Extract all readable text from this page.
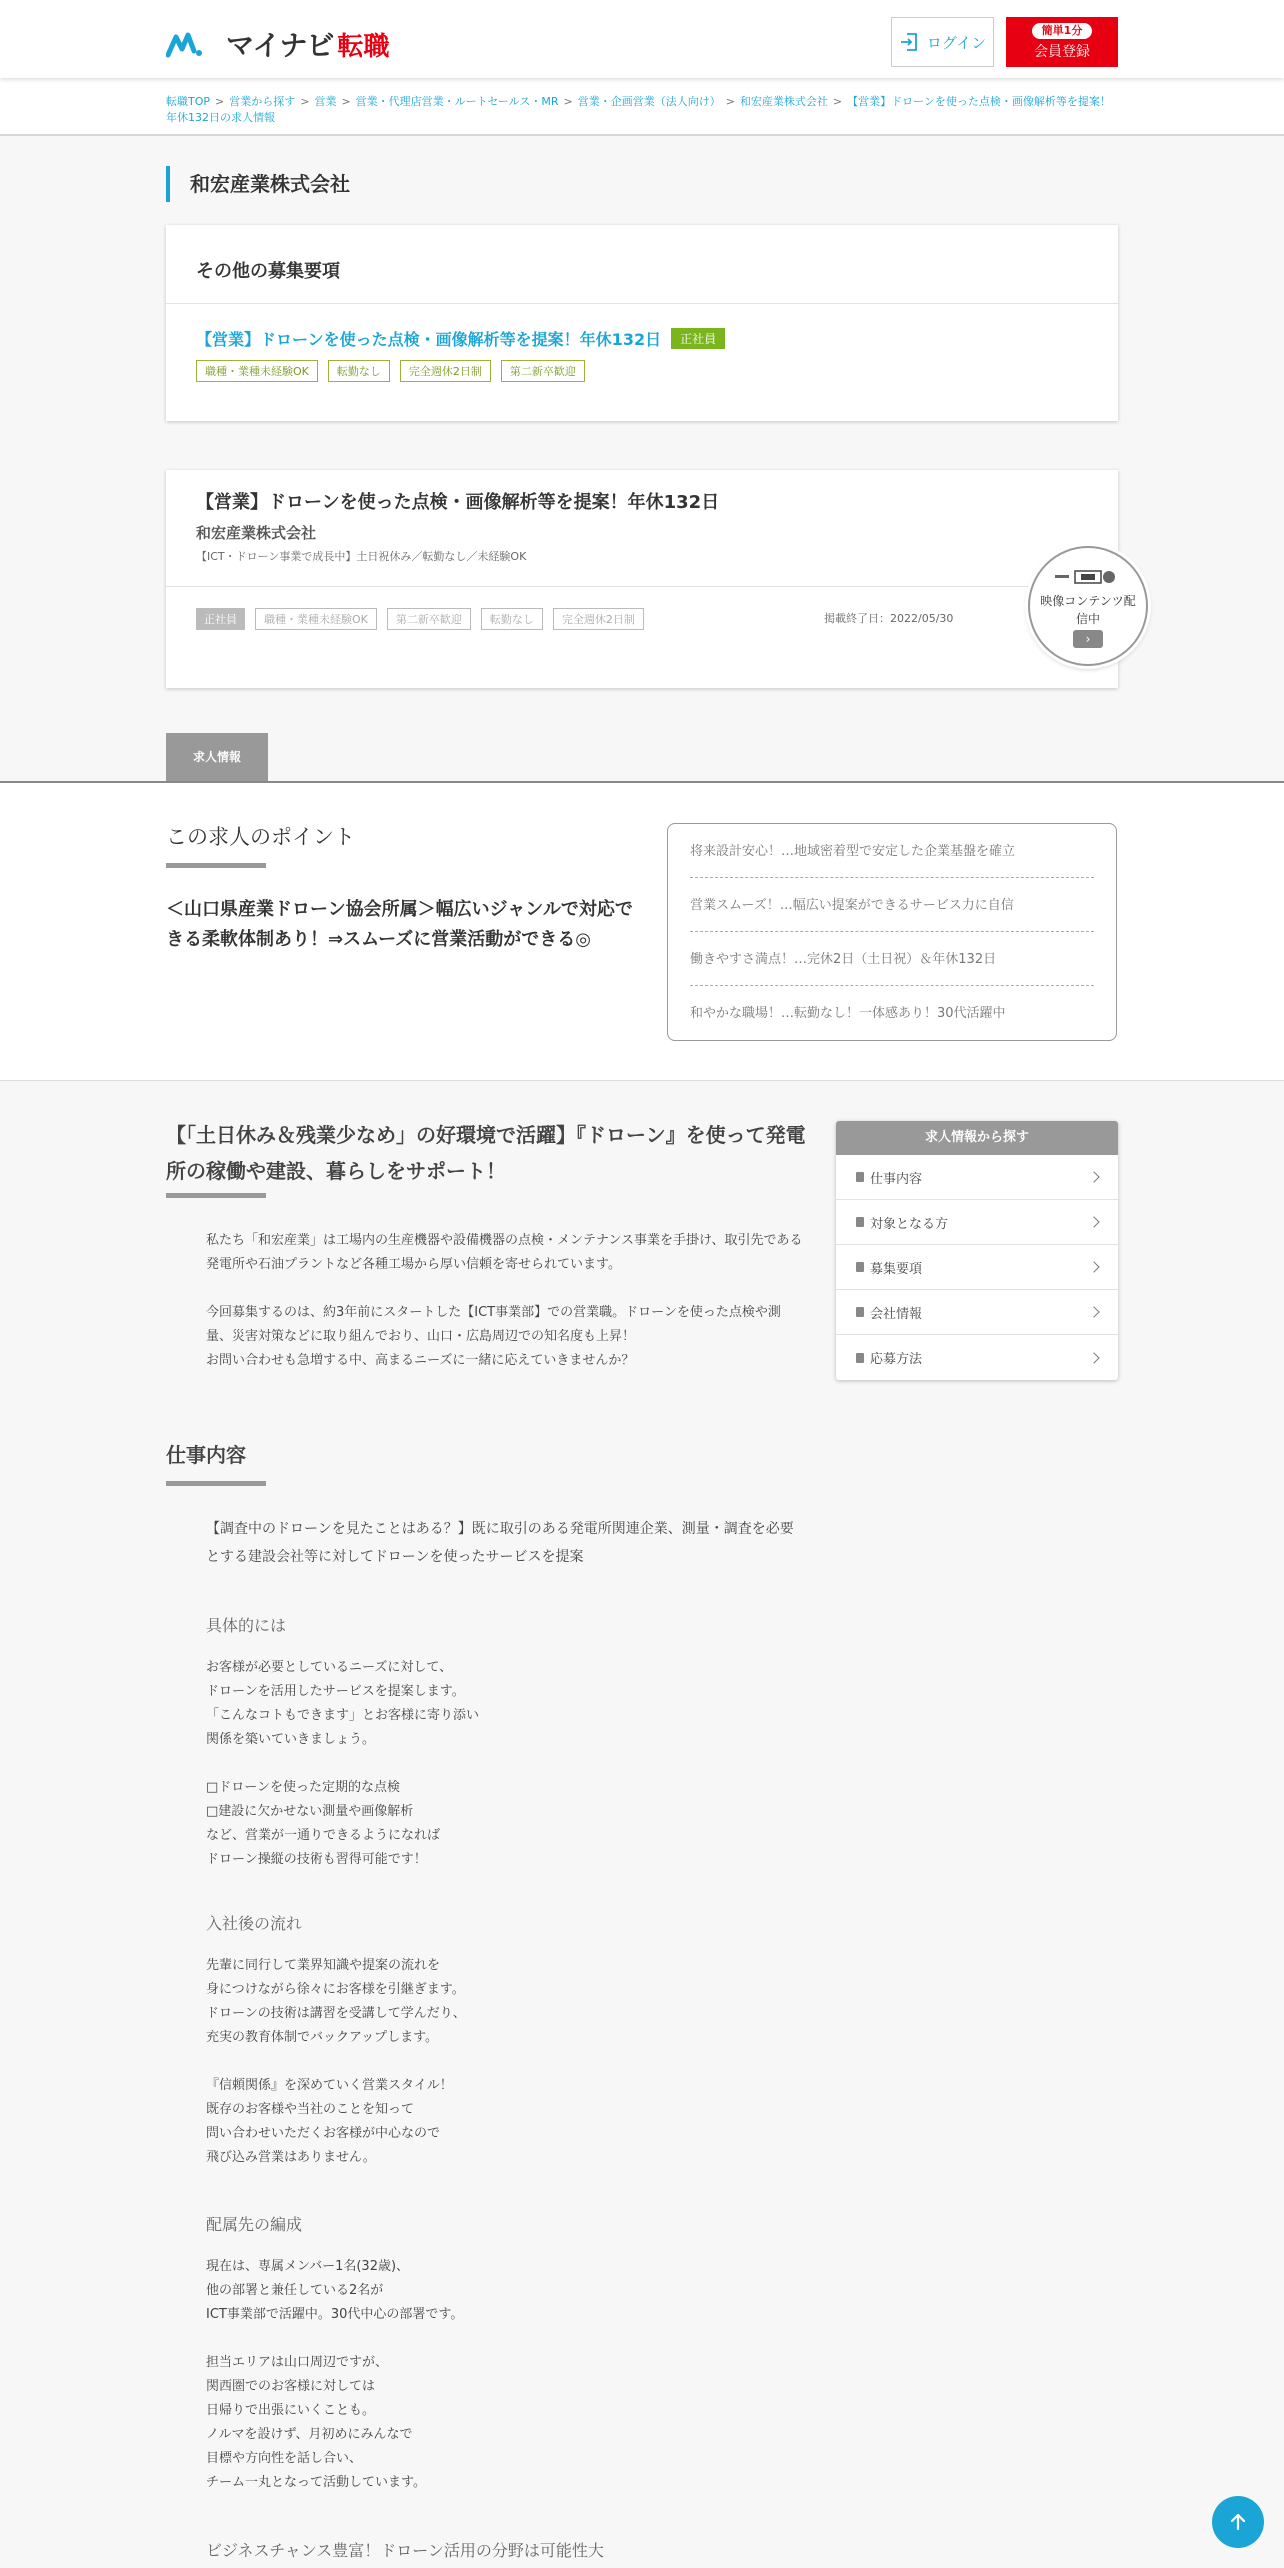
マイナビ 転職	ログイン
簡単1分
会員登録
転職TOP > 営業から探す > 営業 > 営業・代理店営業・ルートセールス・MR > 営業・企画営業（法人向け） > 和宏産業株式会社 > 【営業】ドローンを使った点検・画像解析等を提案！年休132日の求人情報
和宏産業株式会社
その他の募集要項
【営業】ドローンを使った点検・画像解析等を提案！年休132日	正社員
職種・業種未経験OK	転勤なし	完全週休2日制	第二新卒歓迎
【営業】ドローンを使った点検・画像解析等を提案！年休132日
和宏産業株式会社
【ICT・ドローン事業で成長中】土日祝休み／転勤なし／未経験OK
正社員	職種・業種未経験OK	第二新卒歓迎	転勤なし	完全週休2日制	掲載終了日：2022/05/30
映像コンテンツ配信中
›
求人情報
この求人のポイント
＜山口県産業ドローン協会所属＞幅広いジャンルで対応できる柔軟体制あり！⇒スムーズに営業活動ができる◎
将来設計安心！…地域密着型で安定した企業基盤を確立
営業スムーズ！…幅広い提案ができるサービス力に自信
働きやすさ満点！…完休2日（土日祝）＆年休132日
和やかな職場！…転勤なし！一体感あり！30代活躍中
【「土日休み＆残業少なめ」の好環境で活躍】『ドローン』を使って発電所の稼働や建設、暮らしをサポート！
私たち「和宏産業」は工場内の生産機器や設備機器の点検・メンテナンス事業を手掛け、取引先である発電所や石油プラントなど各種工場から厚い信頼を寄せられています。

今回募集するのは、約3年前にスタートした【ICT事業部】での営業職。ドローンを使った点検や測量、災害対策などに取り組んでおり、山口・広島周辺での知名度も上昇！
お問い合わせも急増する中、高まるニーズに一緒に応えていきませんか？
求人情報から探す
仕事内容
対象となる方
募集要項
会社情報
応募方法
仕事内容
【調査中のドローンを見たことはある？】既に取引のある発電所関連企業、測量・調査を必要とする建設会社等に対してドローンを使ったサービスを提案
具体的には
お客様が必要としているニーズに対して、
ドローンを活用したサービスを提案します。
「こんなコトもできます」とお客様に寄り添い
関係を築いていきましょう。

□ドローンを使った定期的な点検
□建設に欠かせない測量や画像解析
など、営業が一通りできるようになれば
ドローン操縦の技術も習得可能です！
入社後の流れ
先輩に同行して業界知識や提案の流れを
身につけながら徐々にお客様を引継ぎます。
ドローンの技術は講習を受講して学んだり、
充実の教育体制でバックアップします。

『信頼関係』を深めていく営業スタイル！
既存のお客様や当社のことを知って
問い合わせいただくお客様が中心なので
飛び込み営業はありません。
配属先の編成
現在は、専属メンバー1名(32歳)、
他の部署と兼任している2名が
ICT事業部で活躍中。30代中心の部署です。

担当エリアは山口周辺ですが、
関西圏でのお客様に対しては
日帰りで出張にいくことも。
ノルマを設けず、月初めにみんなで
目標や方向性を話し合い、
チーム一丸となって活動しています。
ビジネスチャンス豊富！ドローン活用の分野は可能性大
